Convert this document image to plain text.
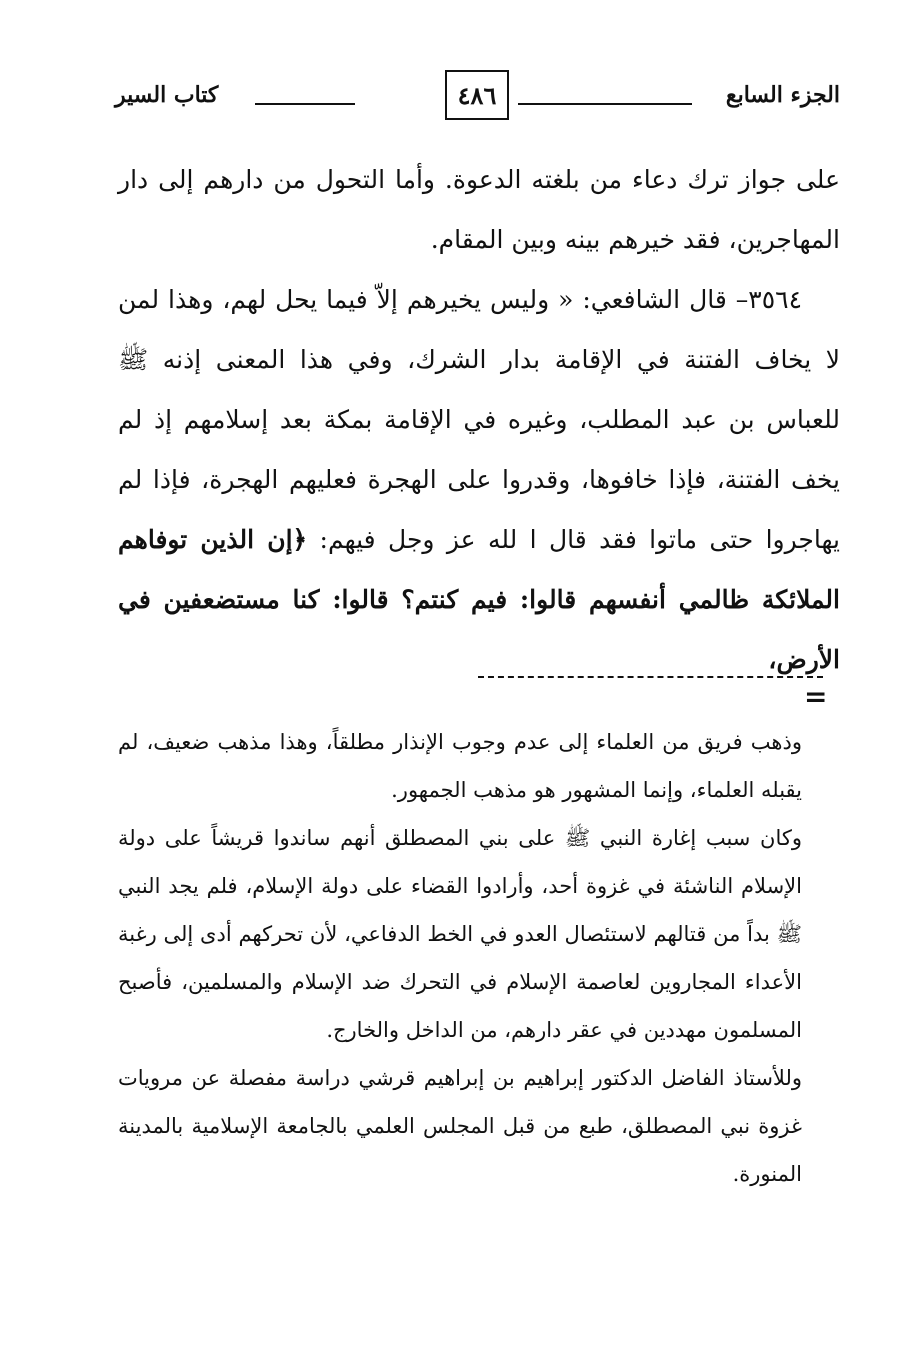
الجزء السابع
٤٨٦
كتاب السير

على جواز ترك دعاء من بلغته الدعوة. وأما التحول من دارهم إلى دار المهاجرين، فقد خيرهم بينه وبين المقام.

٣٥٦٤– قال الشافعي: « وليس يخيرهم إلاّ فيما يحل لهم، وهذا لمن لا يخاف الفتنة في الإقامة بدار الشرك، وفي هذا المعنى إذنه ﷺ للعباس بن عبد المطلب، وغيره في الإقامة بمكة بعد إسلامهم إذ لم يخف الفتنة، فإذا خافوها، وقدروا على الهجرة فعليهم الهجرة، فإذا لم يهاجروا حتى ماتوا فقد قال ا لله عز وجل فيهم: ﴿إن الذين توفاهم الملائكة ظالمي أنفسهم قالوا: فيم كنتم؟ قالوا: كنا مستضعفين في الأرض،

=

وذهب فريق من العلماء إلى عدم وجوب الإنذار مطلقاً، وهذا مذهب ضعيف، لم يقبله العلماء، وإنما المشهور هو مذهب الجمهور.

وكان سبب إغارة النبي ﷺ على بني المصطلق أنهم ساندوا قريشاً على دولة الإسلام الناشئة في غزوة أحد، وأرادوا القضاء على دولة الإسلام، فلم يجد النبي ﷺ بداً من قتالهم لاستئصال العدو في الخط الدفاعي، لأن تحركهم أدى إلى رغبة الأعداء المجاروين لعاصمة الإسلام في التحرك ضد الإسلام والمسلمين، فأصبح المسلمون مهددين في عقر دارهم، من الداخل والخارج.

وللأستاذ الفاضل الدكتور إبراهيم بن إبراهيم قرشي دراسة مفصلة عن مرويات غزوة نبي المصطلق، طبع من قبل المجلس العلمي بالجامعة الإسلامية بالمدينة المنورة.
